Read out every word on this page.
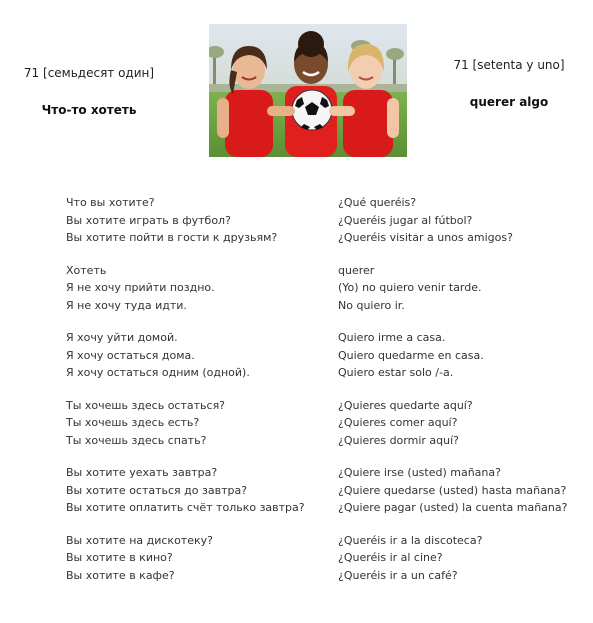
71 [семьдесят один]
Что-то хотеть
71 [setenta y uno]
querer algo
Что вы хотите?	¿Qué queréis?
Вы хотите играть в футбол?	¿Queréis jugar al fútbol?
Вы хотите пойти в гости к друзьям?	¿Queréis visitar a unos amigos?
Хотеть	querer
Я не хочу прийти поздно.	(Yo) no quiero venir tarde.
Я не хочу туда идти.	No quiero ir.
Я хочу уйти домой.	Quiero irme a casa.
Я хочу остаться дома.	Quiero quedarme en casa.
Я хочу остаться одним (одной).	Quiero estar solo /-a.
Ты хочешь здесь остаться?	¿Quieres quedarte aquí?
Ты хочешь здесь есть?	¿Quieres comer aquí?
Ты хочешь здесь спать?	¿Quieres dormir aquí?
Вы хотите уехать завтра?	¿Quiere irse (usted) mañana?
Вы хотите остаться до завтра?	¿Quiere quedarse (usted) hasta mañana?
Вы хотите оплатить счёт только завтра?	¿Quiere pagar (usted) la cuenta mañana?
Вы хотите на дискотеку?	¿Queréis ir a la discoteca?
Вы хотите в кино?	¿Queréis ir al cine?
Вы хотите в кафе?	¿Queréis ir a un café?
